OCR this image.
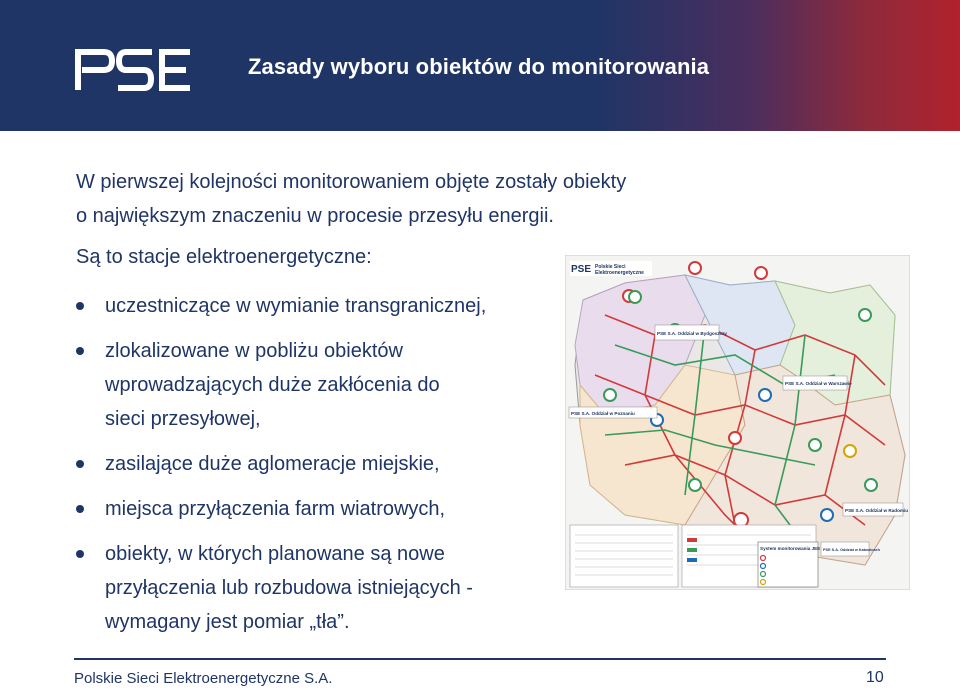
Zasady wyboru obiektów do monitorowania
W pierwszej kolejności monitorowaniem objęte zostały obiekty
o największym znaczeniu w procesie przesyłu energii.
Są to stacje elektroenergetyczne:
uczestniczące w wymianie transgranicznej,
zlokalizowane w pobliżu obiektów
wprowadzających duże zakłócenia do
sieci przesyłowej,
zasilające duże aglomeracje miejskie,
miejsca przyłączenia farm wiatrowych,
obiekty, w których planowane są nowe
przyłączenia lub rozbudowa istniejących -
wymagany jest pomiar „tła”.
PSE Polskie Sieci
Elektroenergetyczne
PSE S.A. Oddział w Bydgoszczy
PSE S.A. Oddział w Warszawie
PSE S.A. Oddział w Poznaniu
PSE S.A. Oddział w Radomiu
System monitorowania JEE PSE S.A. Oddział w Katowicach
Polskie Sieci Elektroenergetyczne S.A.	10
